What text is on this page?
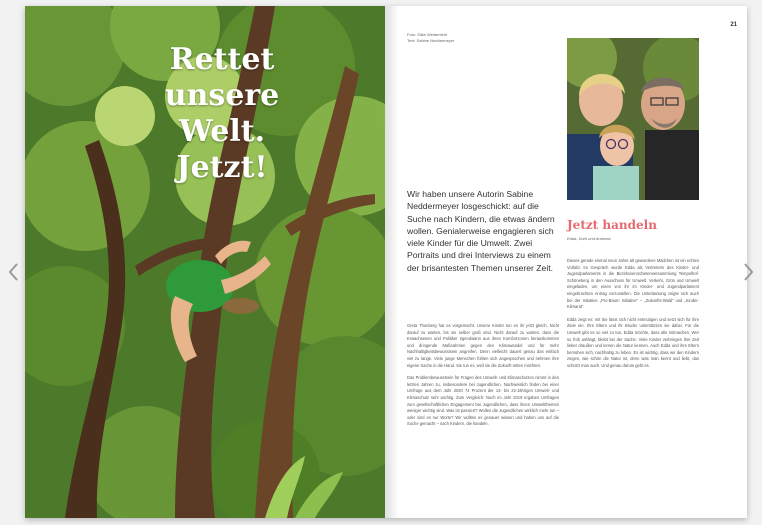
Rettet
unsere
Welt.
Jetzt!
21
Foto: Silke Weidenfeld
Text: Sabine Neddermeyer
Wir haben unsere Autorin Sabine Neddermeyer losgeschickt: auf die Suche nach Kindern, die etwas ändern wollen. Genialerweise engagieren sich viele Kinder für die Umwelt. Zwei Portraits und drei Interviews zu einem der brisantesten Themen unserer Zeit.
Jetzt handeln
Edda, Dorit und Andreas

Greta Thunberg hat es vorgemacht: Unsere Kinder tun es ihr jetzt gleich. Nicht darauf zu warten, bis sie selber groß sind. Nicht darauf zu warten, dass die Erwachsenen und Politiker irgendwann aus ihren Komfortzonen herauskommen und dringende Maßnahmen gegen den Klimawandel und für mehr Nachhaltigkeitsbewusstsein angreifen. Denn vielleicht dauert genau das einfach viel zu lange. Viele junge Menschen fühlen sich angesprochen und nehmen ihre eigene Sache in die Hand. Sie tun es, weil sie die Zukunft retten möchten.

Das Problembewusstsein für Fragen des Umwelt- und Klimaschutzes nimmt in den letzten Jahren zu, insbesondere bei Jugendlichen. Nachweislich finden bei einer Umfrage aus dem Jahr 2020 74 Prozent der 14- bis 22-Jährigen Umwelt- und Klimaschutz sehr wichtig. Zum Vergleich: Noch im Jahr 2019 ergaben Umfragen zum gesellschaftlichen Engagement bei Jugendlichen, dass ihnen Umweltthemen weniger wichtig sind. Was ist passiert? Wollen die Jugendlichen wirklich mehr tun – oder sind es nur Worte? Wir wollten es genauer wissen und haben uns auf die Suche gemacht – nach Kindern, die handeln.

Dieses gerade einmal neun Jahre alt gewordene Mädchen ist ein echtes Vorbild. Im Gespräch wurde Edda als Vertreterin des Kinder- und Jugendparlaments in die Bezirksverordnetenversammlung Tempelhof-Schöneberg in den Ausschuss für Umwelt, Verkehr, Grün und Umwelt eingeladen, um einen von ihr im Kinder- und Jugendparlament eingebrachten Antrag vorzustellen. Die Unterlassung zeigte sich auch bei der Initiative „Pro-Baum Initiative“ – „Zukunfts-Wald“ und „Kinder-Klimarat“.

Edda zeigt es: mit Sie lässt sich nicht entmutigen und setzt sich für ihre Ziele ein. Ihre Eltern und ihr Bruder unterstützen sie dabei. Für die Umwelt gibt es so viel zu tun, Edda möchte, dass alle mitmachen. Wer so früh anfängt, bleibt bei der Sache. Viele Kinder verbringen ihre Zeit lieber draußen und lernen die Natur kennen. Auch Edda und ihre Eltern bemühen sich, nachhaltig zu leben. Es ist wichtig, dass wir den Kindern zeigen, wie schön die Natur ist, denn was man kennt und liebt, das schützt man auch. Und genau darum geht es.
